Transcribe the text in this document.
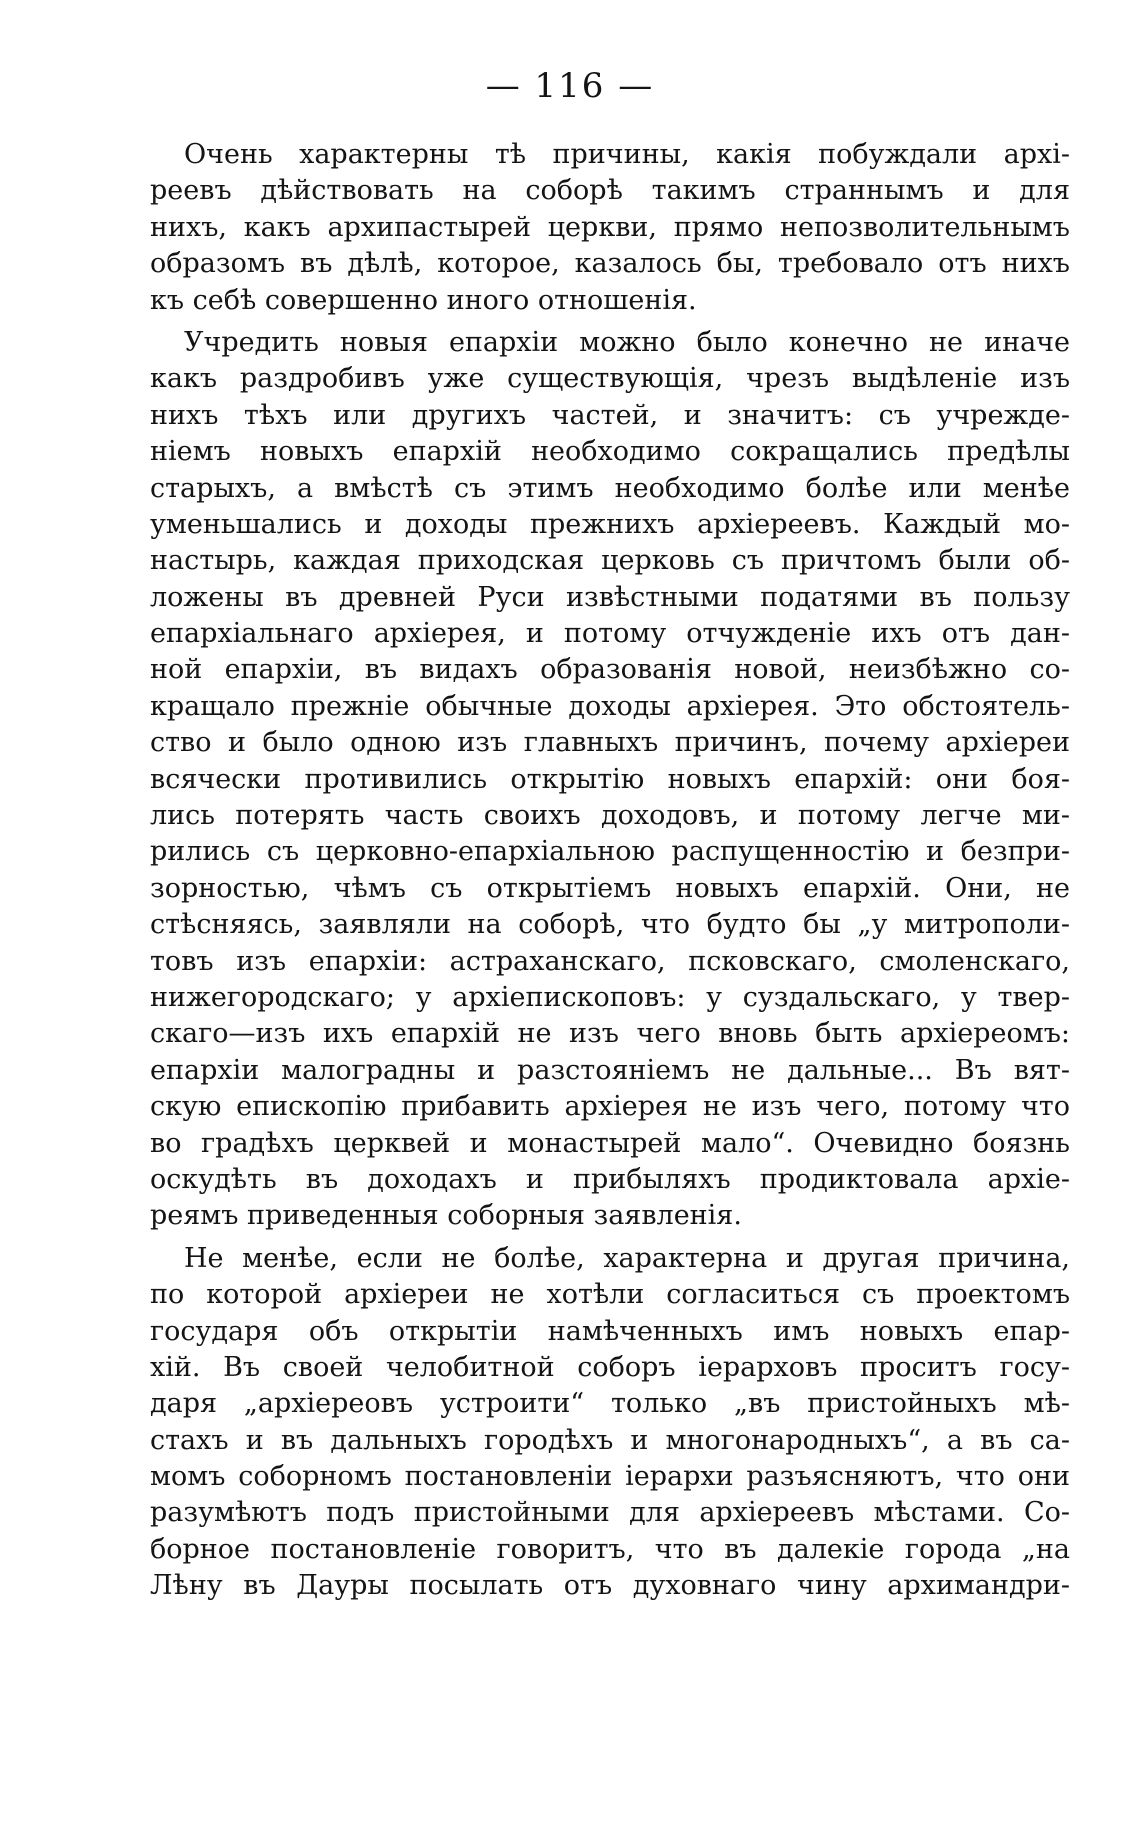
— 116 —
Очень характерны тѣ причины, какія побуждали архі-
реевъ дѣйствовать на соборѣ такимъ страннымъ и для
нихъ, какъ архипастырей церкви, прямо непозволительнымъ
образомъ въ дѣлѣ, которое, казалось бы, требовало отъ нихъ
къ себѣ совершенно иного отношенія.
Учредить новыя епархіи можно было конечно не иначе
какъ раздробивъ уже существующія, чрезъ выдѣленіе изъ
нихъ тѣхъ или другихъ частей, и значитъ: съ учрежде-
ніемъ новыхъ епархій необходимо сокращались предѣлы
старыхъ, а вмѣстѣ съ этимъ необходимо болѣе или менѣе
уменьшались и доходы прежнихъ архіереевъ. Каждый мо-
настырь, каждая приходская церковь съ причтомъ были об-
ложены въ древней Руси извѣстными податями въ пользу
епархіальнаго архіерея, и потому отчужденіе ихъ отъ дан-
ной епархіи, въ видахъ образованія новой, неизбѣжно со-
кращало прежніе обычные доходы архіерея. Это обстоятель-
ство и было одною изъ главныхъ причинъ, почему архіереи
всячески противились открытію новыхъ епархій: они боя-
лись потерять часть своихъ доходовъ, и потому легче ми-
рились съ церковно-епархіальною распущенностію и безпри-
зорностью, чѣмъ съ открытіемъ новыхъ епархій. Они, не
стѣсняясь, заявляли на соборѣ, что будто бы „у митрополи-
товъ изъ епархіи: астраханскаго, псковскаго, смоленскаго,
нижегородскаго; у архіепископовъ: у суздальскаго, у твер-
скаго—изъ ихъ епархій не изъ чего вновь быть архіереомъ:
епархіи малоградны и разстояніемъ не дальные... Въ вят-
скую епископію прибавить архіерея не изъ чего, потому что
во градѣхъ церквей и монастырей мало“. Очевидно боязнь
оскудѣть въ доходахъ и прибыляхъ продиктовала архіе-
реямъ приведенныя соборныя заявленія.
Не менѣе, если не болѣе, характерна и другая причина,
по которой архіереи не хотѣли согласиться съ проектомъ
государя объ открытіи намѣченныхъ имъ новыхъ епар-
хій. Въ своей челобитной соборъ іерарховъ проситъ госу-
даря „архіереовъ устроити“ только „въ пристойныхъ мѣ-
стахъ и въ дальныхъ городѣхъ и многонародныхъ“, а въ са-
момъ соборномъ постановленіи іерархи разъясняютъ, что они
разумѣютъ подъ пристойными для архіереевъ мѣстами. Со-
борное постановленіе говоритъ, что въ далекіе города „на
Лѣну въ Дауры посылать отъ духовнаго чину архимандри-
